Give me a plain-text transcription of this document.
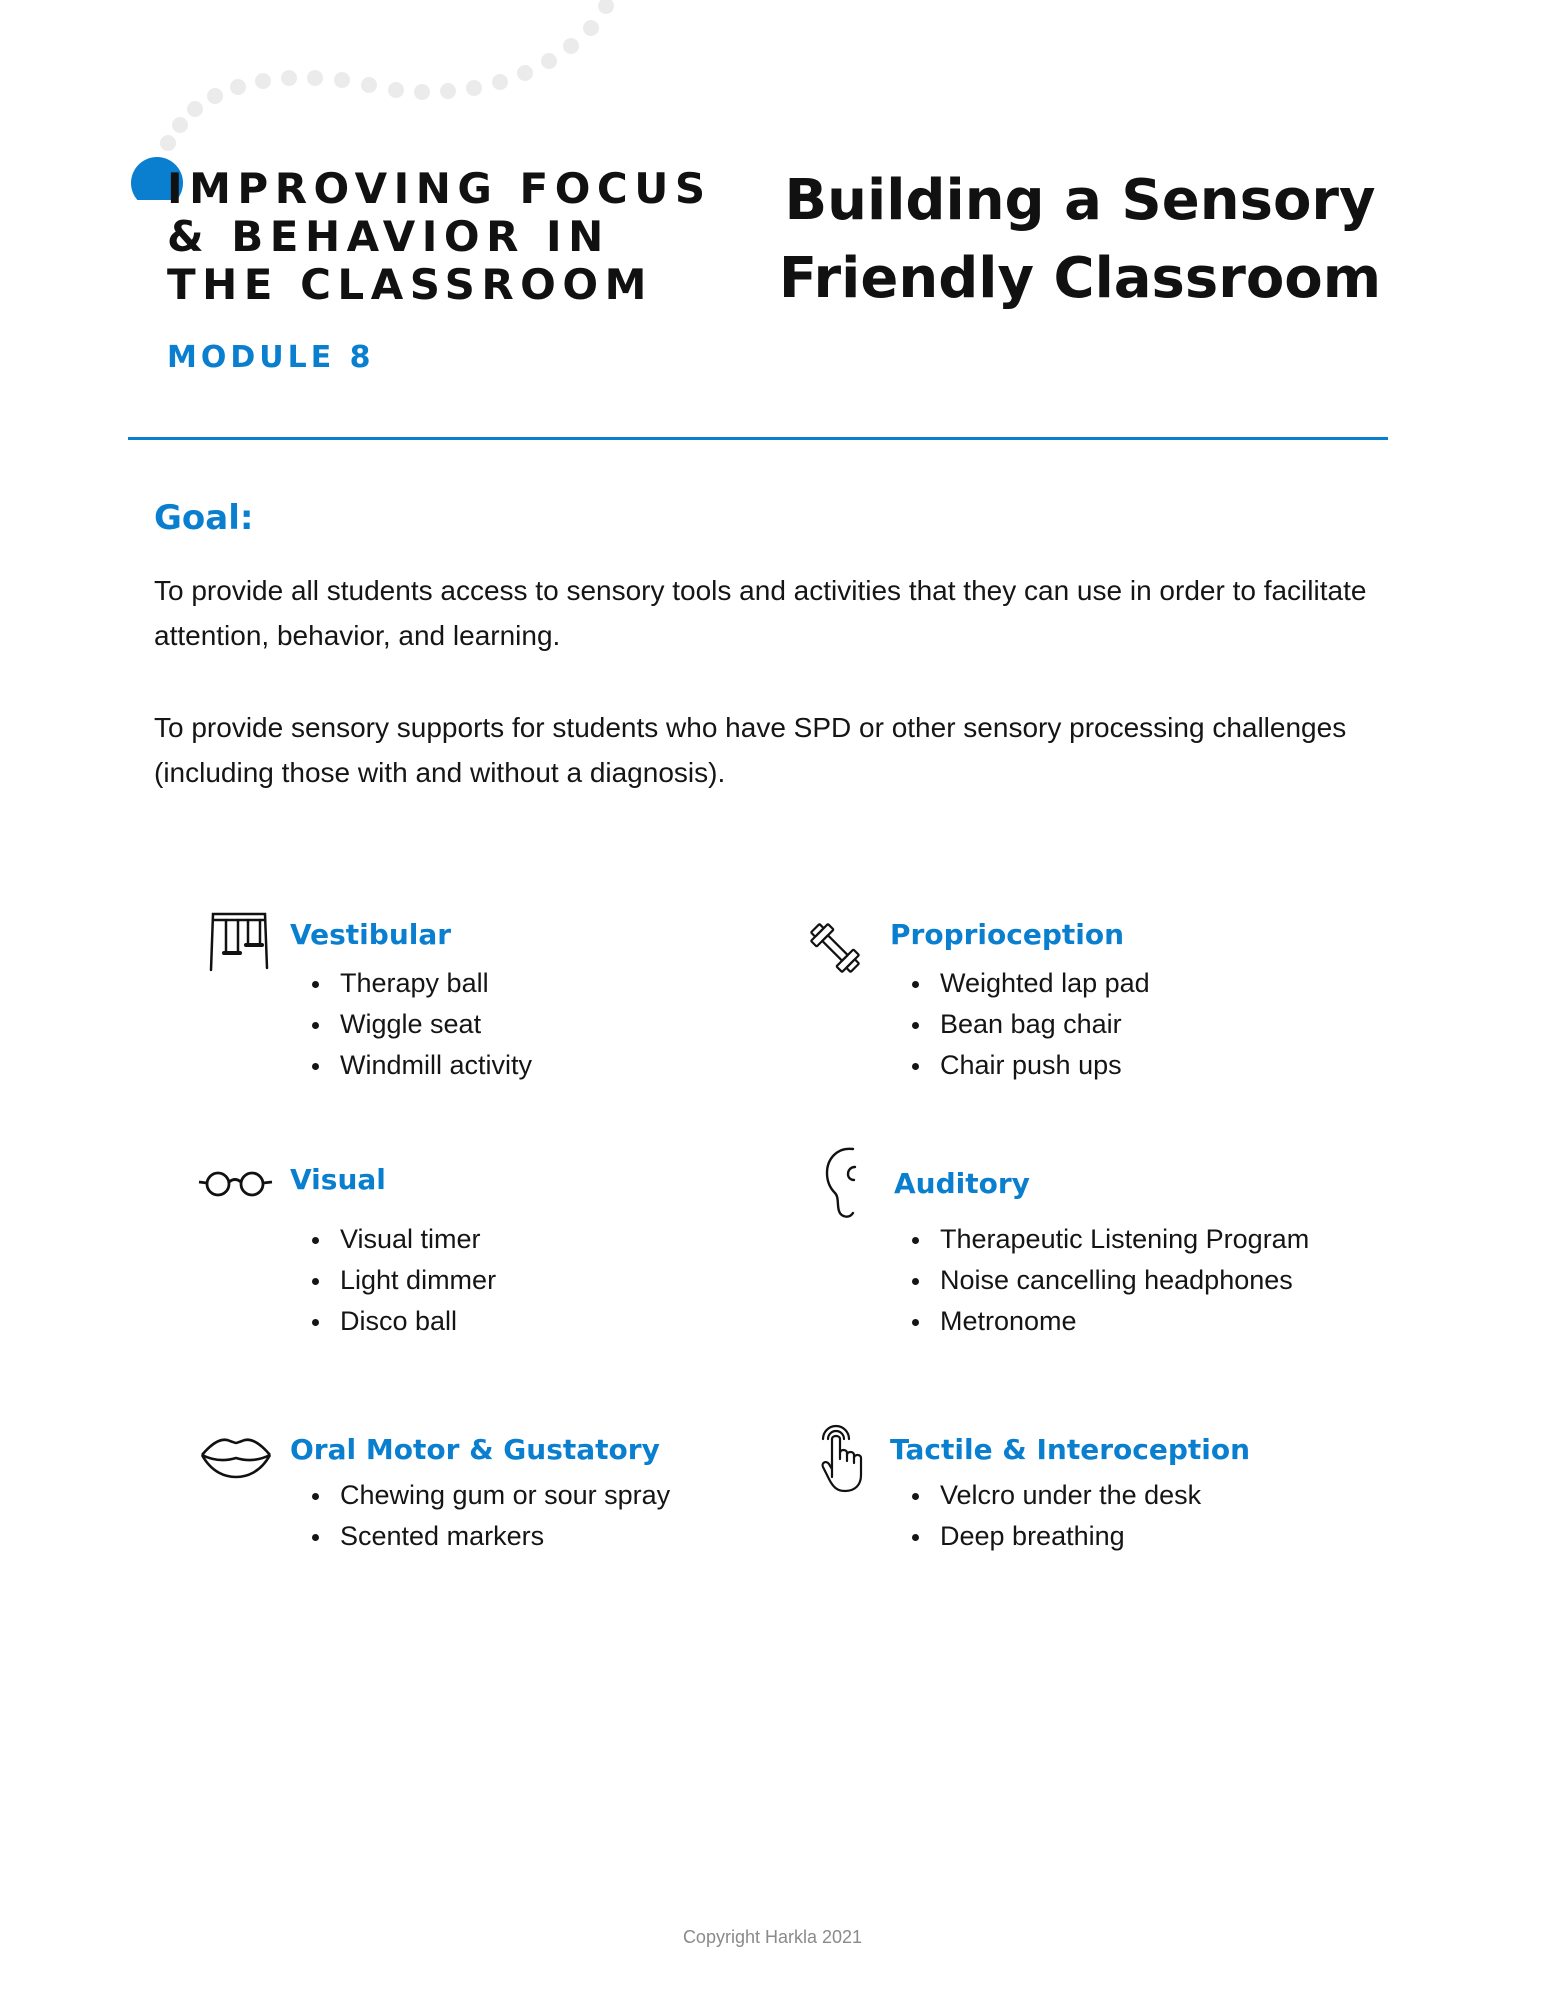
IMPROVING FOCUS & BEHAVIOR IN THE CLASSROOM
MODULE 8
Building a Sensory Friendly Classroom
Goal:

To provide all students access to sensory tools and activities that they can use in order to facilitate attention, behavior, and learning.

To provide sensory supports for students who have SPD or other sensory processing challenges (including those with and without a diagnosis).

Vestibular
Therapy ball
Wiggle seat
Windmill activity
Proprioception
Weighted lap pad
Bean bag chair
Chair push ups
Visual
Visual timer
Light dimmer
Disco ball
Auditory
Therapeutic Listening Program
Noise cancelling headphones
Metronome
Oral Motor & Gustatory
Chewing gum or sour spray
Scented markers
Tactile & Interoception
Velcro under the desk
Deep breathing
Copyright Harkla 2021
